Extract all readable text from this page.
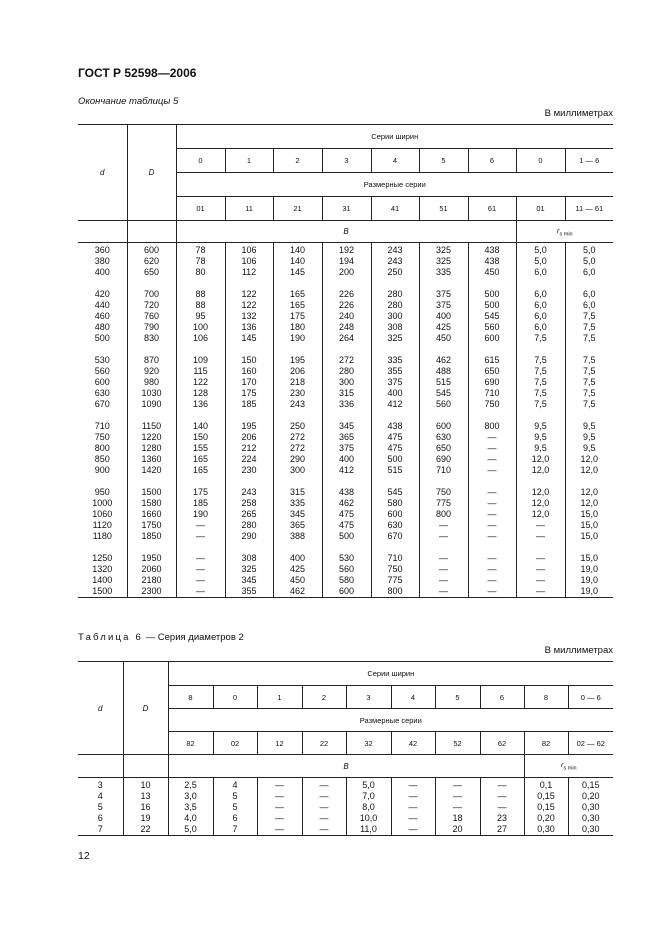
ГОСТ Р 52598—2006
Окончание таблицы 5
В миллиметрах
d	D	Серии ширин								
		0	1	2	3	4	5	6	0	1 — 6
		Размерные серии								
		01	11	21	31	41	51	61	01	11 — 61
		B							$r_{s min}$
360	600	78	106	140	192	243	325	438	5,0	5,0
380	620	78	106	140	194	243	325	438	5,0	5,0
400	650	80	112	145	200	250	335	450	6,0	6,0

420	700	88	122	165	226	280	375	500	6,0	6,0
440	720	88	122	165	226	280	375	500	6,0	6,0
460	760	95	132	175	240	300	400	545	6,0	7,5
480	790	100	136	180	248	308	425	560	6,0	7,5
500	830	106	145	190	264	325	450	600	7,5	7,5

530	870	109	150	195	272	335	462	615	7,5	7,5
560	920	115	160	206	280	355	488	650	7,5	7,5
600	980	122	170	218	300	375	515	690	7,5	7,5
630	1030	128	175	230	315	400	545	710	7,5	7,5
670	1090	136	185	243	336	412	560	750	7,5	7,5

710	1150	140	195	250	345	438	600	800	9,5	9,5
750	1220	150	206	272	365	475	630	—	9,5	9,5
800	1280	155	212	272	375	475	650	—	9,5	9,5
850	1360	165	224	290	400	500	690	—	12,0	12,0
900	1420	165	230	300	412	515	710	—	12,0	12,0

950	1500	175	243	315	438	545	750	—	12,0	12,0
1000	1580	185	258	335	462	580	775	—	12,0	12,0
1060	1660	190	265	345	475	600	800	—	12,0	15,0
1120	1750	—	280	365	475	630	—	—	—	15,0
1180	1850	—	290	388	500	670	—	—	—	15,0

1250	1950	—	308	400	530	710	—	—	—	15,0
1320	2060	—	325	425	560	750	—	—	—	19,0
1400	2180	—	345	450	580	775	—	—	—	19,0
1500	2300	—	355	462	600	800	—	—	—	19,0
Таблица 6 — Серия диаметров 2
В миллиметрах
d	D	Серии ширин									
		8	0	1	2	3	4	5	6	8	0 — 6
		Размерные серии									
		82	02	12	22	32	42	52	62	82	02 — 62
		B								$r_{s min}$
3	10	2,5	4	—	—	5,0	—	—	—	0,1	0,15
4	13	3,0	5	—	—	7,0	—	—	—	0,15	0,20
5	16	3,5	5	—	—	8,0	—	—	—	0,15	0,30
6	19	4,0	6	—	—	10,0	—	18	23	0,20	0,30
7	22	5,0	7	—	—	11,0	—	20	27	0,30	0,30
12
